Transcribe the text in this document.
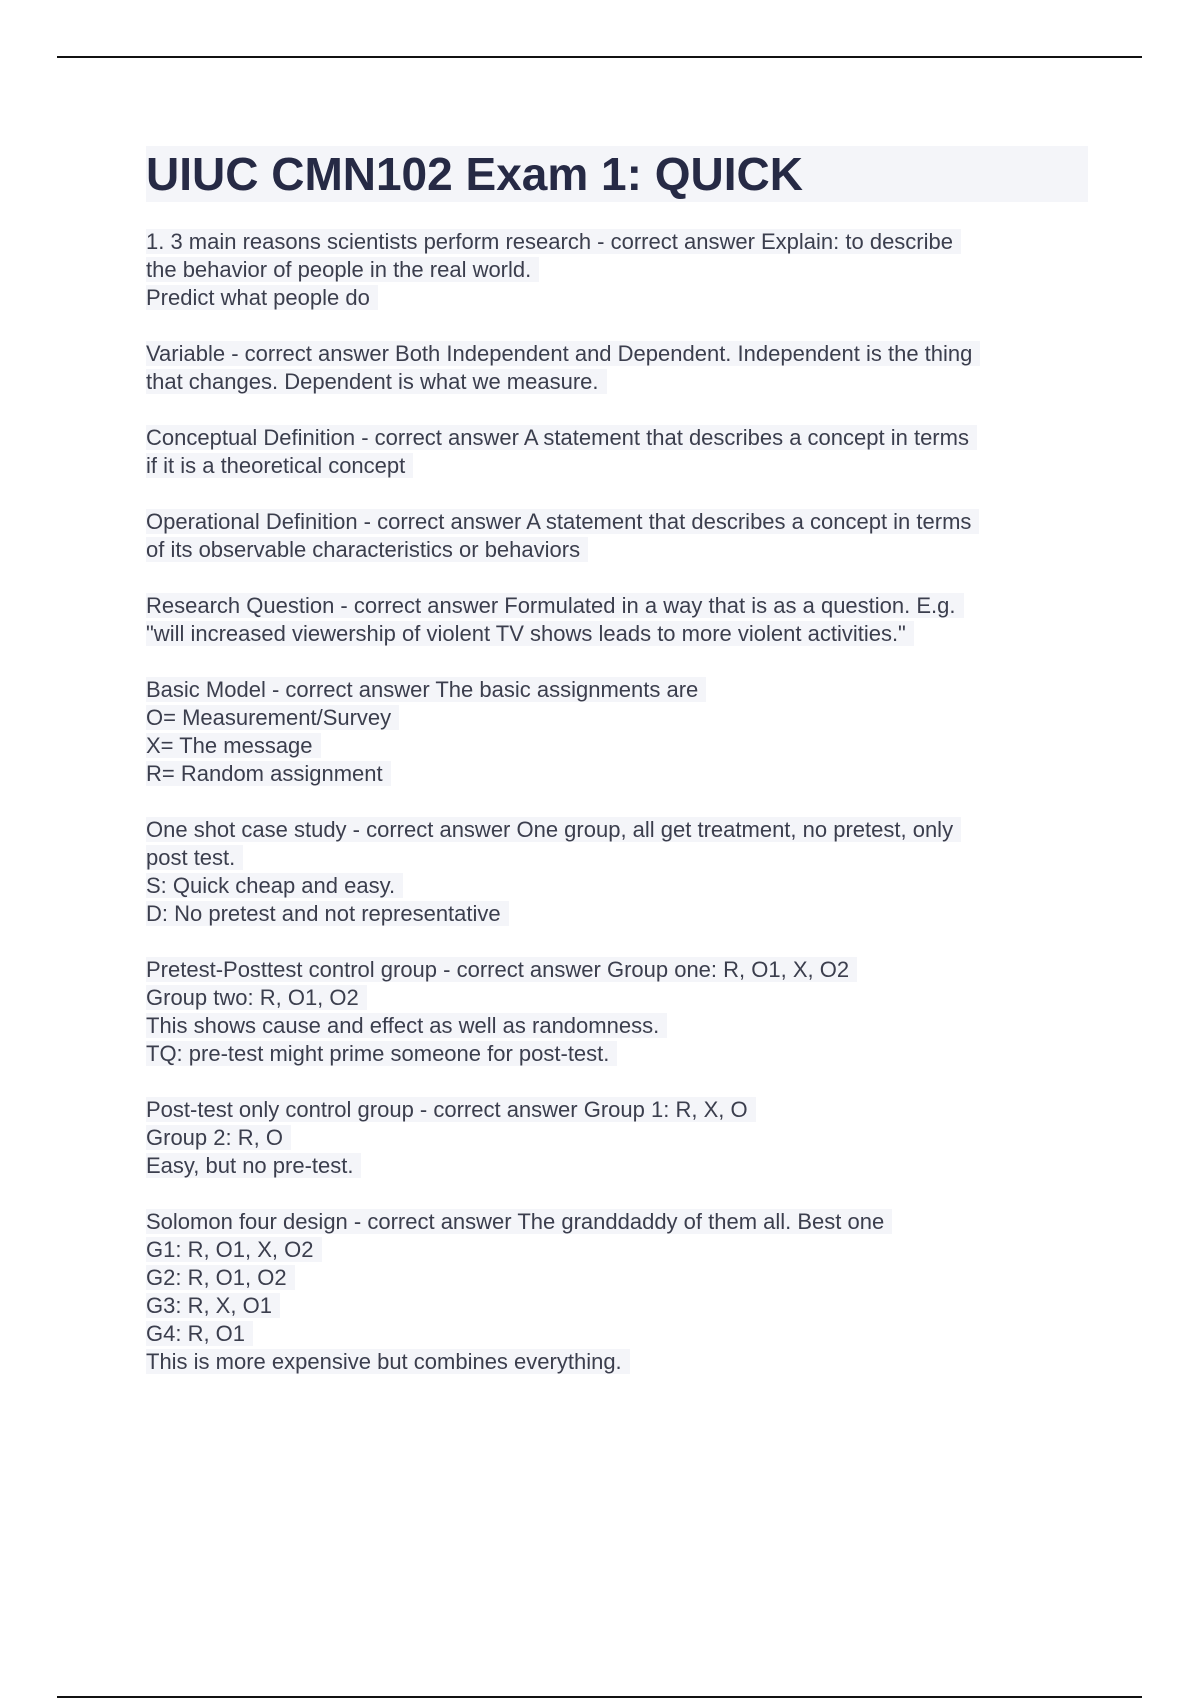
UIUC CMN102 Exam 1: QUICK
1. 3 main reasons scientists perform research - correct answer Explain: to describe
the behavior of people in the real world.
Predict what people do
Variable - correct answer Both Independent and Dependent. Independent is the thing
that changes. Dependent is what we measure.
Conceptual Definition - correct answer A statement that describes a concept in terms
if it is a theoretical concept
Operational Definition - correct answer A statement that describes a concept in terms
of its observable characteristics or behaviors
Research Question - correct answer Formulated in a way that is as a question. E.g.
"will increased viewership of violent TV shows leads to more violent activities."
Basic Model - correct answer The basic assignments are
O= Measurement/Survey
X= The message
R= Random assignment
One shot case study - correct answer One group, all get treatment, no pretest, only
post test.
S: Quick cheap and easy.
D: No pretest and not representative
Pretest-Posttest control group - correct answer Group one: R, O1, X, O2
Group two: R, O1, O2
This shows cause and effect as well as randomness.
TQ: pre-test might prime someone for post-test.
Post-test only control group - correct answer Group 1: R, X, O
Group 2: R, O
Easy, but no pre-test.
Solomon four design - correct answer The granddaddy of them all. Best one
G1: R, O1, X, O2
G2: R, O1, O2
G3: R, X, O1
G4: R, O1
This is more expensive but combines everything.
